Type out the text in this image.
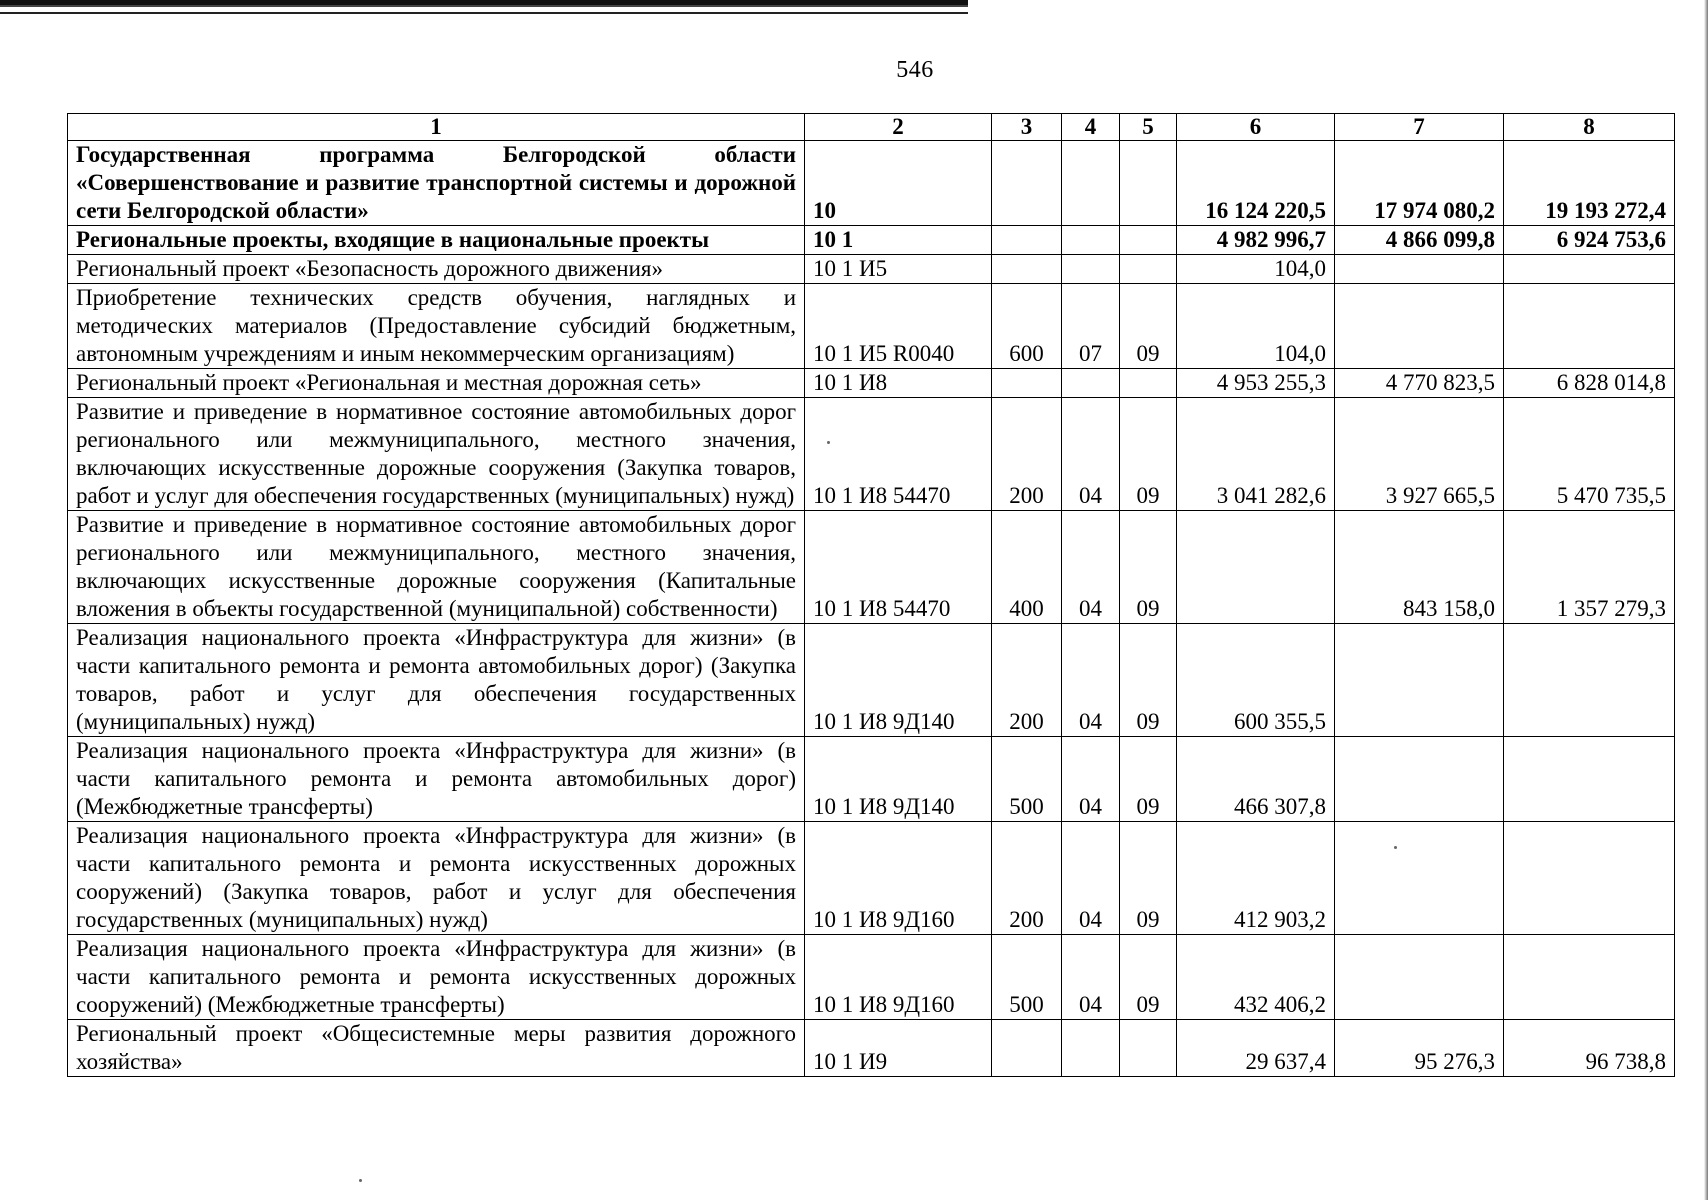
546
1	2	3	4	5	6	7	8
Государственная программа Белгородской области «Совершенствование и развитие транспортной системы и дорожной сети Белгородской области»	10				16 124 220,5	17 974 080,2	19 193 272,4
Региональные проекты, входящие в национальные проекты	10 1				4 982 996,7	4 866 099,8	6 924 753,6
Региональный проект «Безопасность дорожного движения»	10 1 И5				104,0		
Приобретение технических средств обучения, наглядных и методических материалов (Предоставление субсидий бюджетным, автономным учреждениям и иным некоммерческим организациям)	10 1 И5 R0040	600	07	09	104,0		
Региональный проект «Региональная и местная дорожная сеть»	10 1 И8				4 953 255,3	4 770 823,5	6 828 014,8
Развитие и приведение в нормативное состояние автомобильных дорог регионального или межмуниципального, местного значения, включающих искусственные дорожные сооружения (Закупка товаров, работ и услуг для обеспечения государственных (муниципальных) нужд)	10 1 И8 54470	200	04	09	3 041 282,6	3 927 665,5	5 470 735,5
Развитие и приведение в нормативное состояние автомобильных дорог регионального или межмуниципального, местного значения, включающих искусственные дорожные сооружения (Капитальные вложения в объекты государственной (муниципальной) собственности)	10 1 И8 54470	400	04	09		843 158,0	1 357 279,3
Реализация национального проекта «Инфраструктура для жизни» (в части капитального ремонта и ремонта автомобильных дорог) (Закупка товаров, работ и услуг для обеспечения государственных (муниципальных) нужд)	10 1 И8 9Д140	200	04	09	600 355,5		
Реализация национального проекта «Инфраструктура для жизни» (в части капитального ремонта и ремонта автомобильных дорог) (Межбюджетные трансферты)	10 1 И8 9Д140	500	04	09	466 307,8		
Реализация национального проекта «Инфраструктура для жизни» (в части капитального ремонта и ремонта искусственных дорожных сооружений) (Закупка товаров, работ и услуг для обеспечения государственных (муниципальных) нужд)	10 1 И8 9Д160	200	04	09	412 903,2		
Реализация национального проекта «Инфраструктура для жизни» (в части капитального ремонта и ремонта искусственных дорожных сооружений) (Межбюджетные трансферты)	10 1 И8 9Д160	500	04	09	432 406,2		
Региональный проект «Общесистемные меры развития дорожного хозяйства»	10 1 И9				29 637,4	95 276,3	96 738,8
